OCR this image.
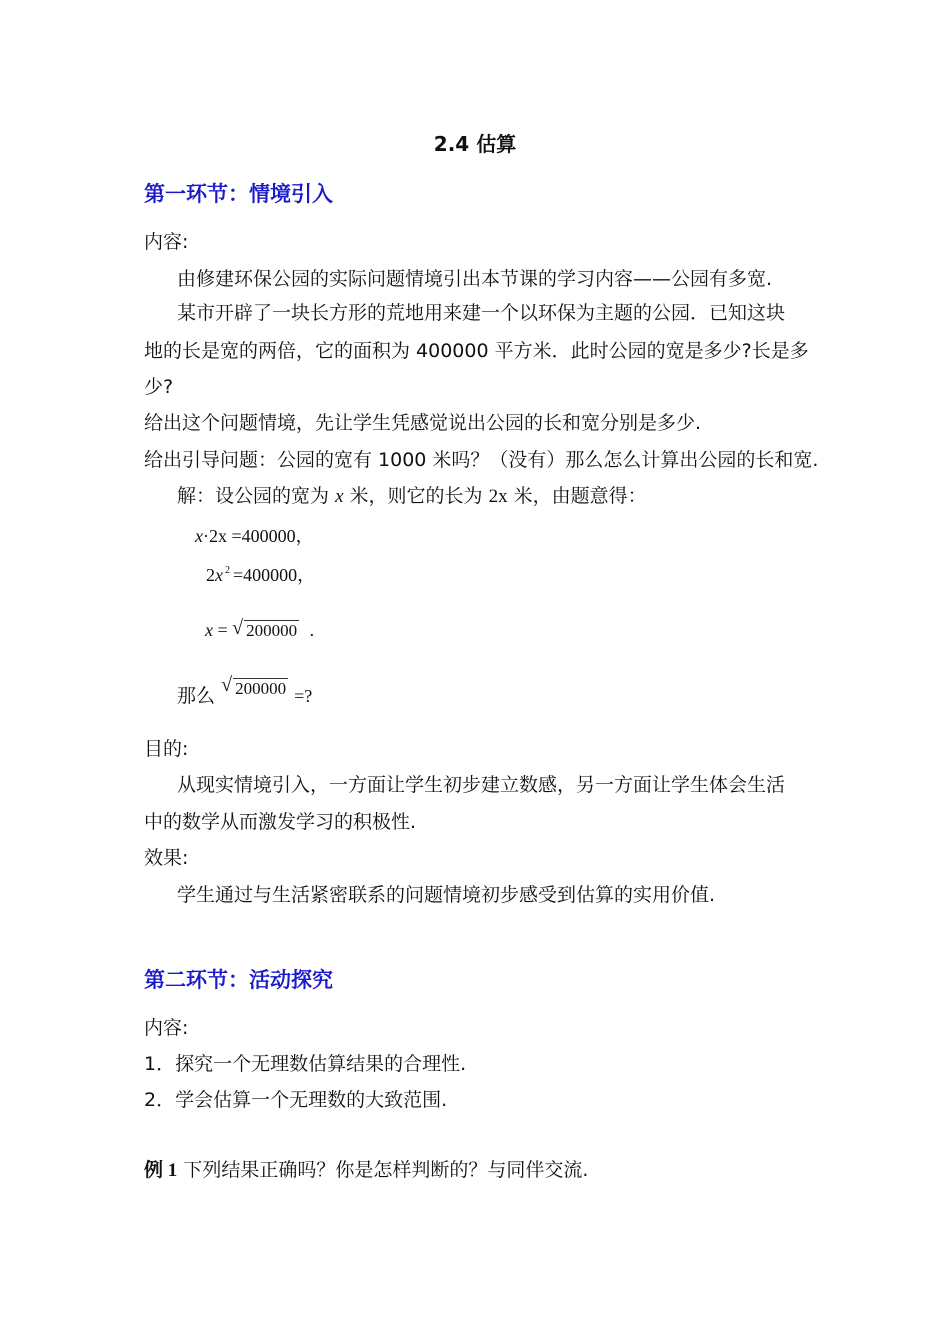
2.4 估算
第一环节：情境引入
内容:
由修建环保公园的实际问题情境引出本节课的学习内容——公园有多宽.
某市开辟了一块长方形的荒地用来建一个以环保为主题的公园．已知这块
地的长是宽的两倍，它的面积为 400000 平方米．此时公园的宽是多少?长是多
少?
给出这个问题情境，先让学生凭感觉说出公园的长和宽分别是多少.
给出引导问题：公园的宽有 1000 米吗？（没有）那么怎么计算出公园的长和宽.
解：设公园的宽为 x 米，则它的长为 2x 米，由题意得：
x·2x =400000，
2x $^2$ =400000，
x = √ 200000 .
那么 √ 200000 =?
目的:
从现实情境引入，一方面让学生初步建立数感，另一方面让学生体会生活
中的数学从而激发学习的积极性.
效果:
学生通过与生活紧密联系的问题情境初步感受到估算的实用价值.
第二环节：活动探究
内容:
1．探究一个无理数估算结果的合理性.
2．学会估算一个无理数的大致范围.
例 1 下列结果正确吗？你是怎样判断的？与同伴交流.
